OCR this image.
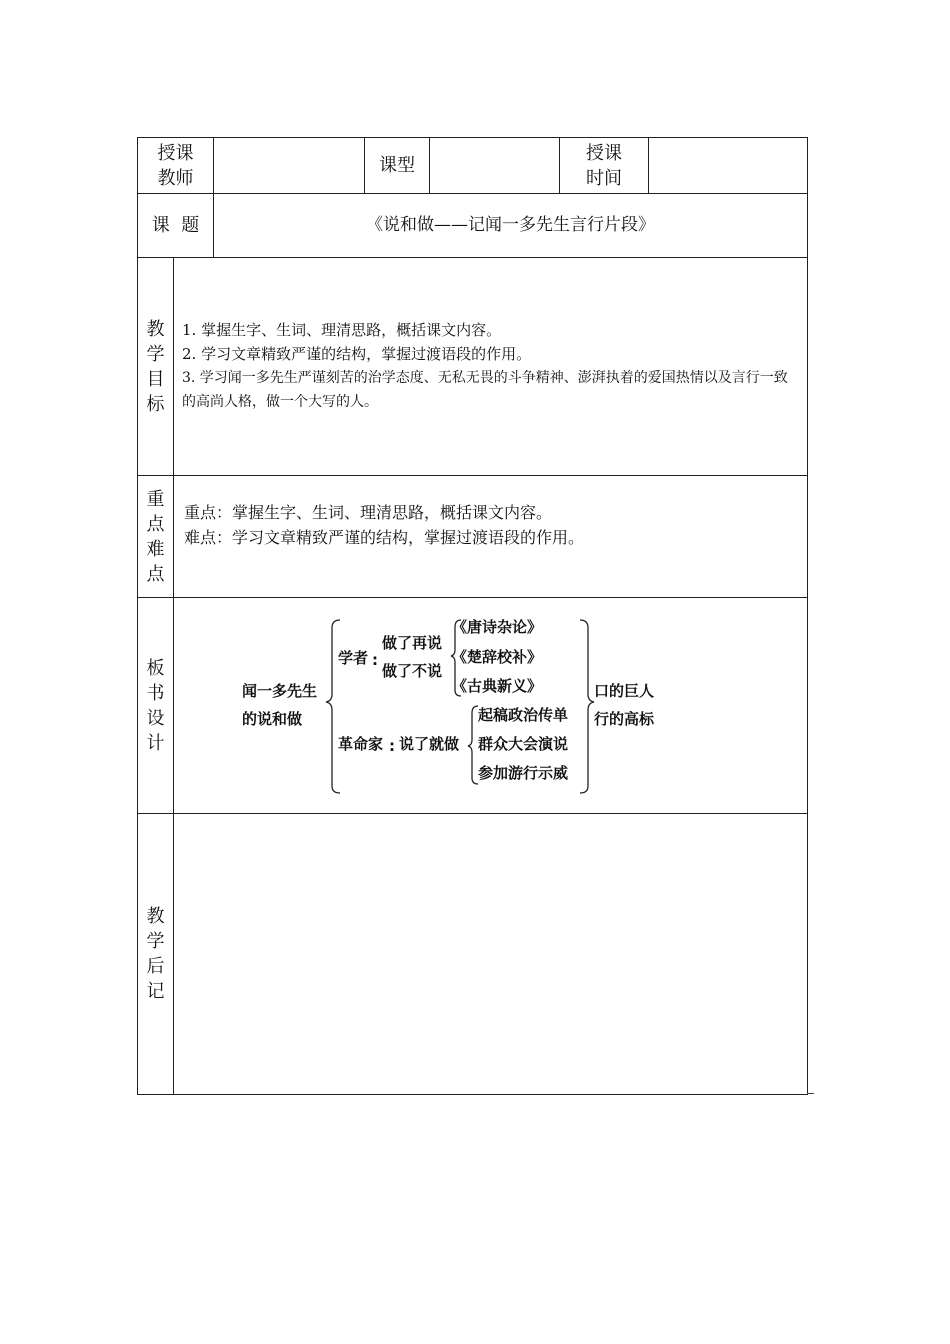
授课
教师
课型
授课
时间
课  题	《说和做——记闻一多先生言行片段》
教
学
目
标

1. 掌握生字、生词、理清思路，概括课文内容。

2. 学习文章精致严谨的结构，掌握过渡语段的作用。

3. 学习闻一多先生严谨刻苦的治学态度、无私无畏的斗争精神、澎湃执着的爱国热情以及言行一致的高尚人格，做一个大写的人。

重
点
难
点

重点：掌握生字、生词、理清思路，概括课文内容。

难点：学习文章精致严谨的结构，掌握过渡语段的作用。

板
书
设
计
闻一多先生
的说和做
学者 :
做了再说
做了不说
《唐诗杂论》
《楚辞校补》
《古典新义》
革命家 : 说了就做
起稿政治传单
群众大会演说
参加游行示威
口的巨人
行的高标
教
学
后
记
